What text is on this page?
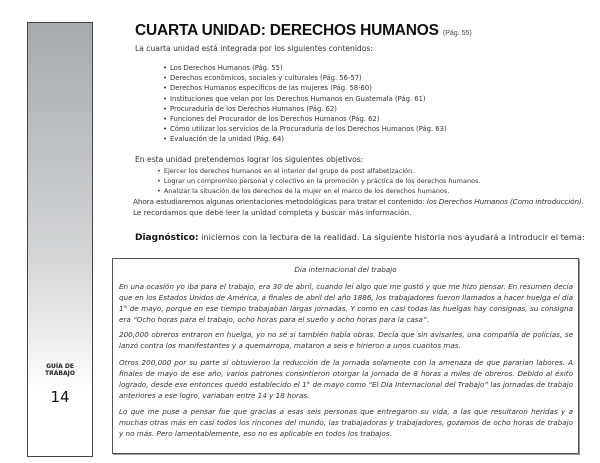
GUÍA DE
TRABAJO
14
CUARTA UNIDAD: DERECHOS HUMANOS (Pág. 55)
La cuarta unidad está integrada por los siguientes contenidos:
• Los Derechos Humanos (Pág. 55)
• Derechos económicos, sociales y culturales (Pág. 56-57)
• Derechos Humanos específicos de las mujeres (Pág. 58-60)
• Instituciones que velan por los Derechos Humanos en Guatemala (Pág. 61)
• Procuraduría de los Derechos Humanos (Pág. 62)
• Funciones del Procurador de los Derechos Humanos (Pág. 62)
• Cómo utilizar los servicios de la Procuraduría de los Derechos Humanos (Pág. 63)
• Evaluación de la unidad (Pág. 64)
En esta unidad pretendemos lograr los siguientes objetivos:
• Ejercer los derechos humanos en el interior del grupo de post alfabetización.
• Lograr un compromiso personal y colectivo en la promoción y práctica de los derechos humanos.
• Analizar la situación de los derechos de la mujer en el marco de los derechos humanos.
Ahora estudiaremos algunas orientaciones metodológicas para tratar el contenido: los Derechos Humanos (Como introducción).
Le recordamos que debe leer la unidad completa y buscar más información.
Diagnóstico: iniciemos con la lectura de la realidad. La siguiente historia nos ayudará a introducir el tema:
Día internacional del trabajo
En una ocasión yo iba para el trabajo, era 30 de abril, cuando leí algo que me gustó y que me hizo pensar. En resumen decía que en los Estados Unidos de América, a finales de abril del año 1886, los trabajadores fueron llamados a hacer huelga el día 1° de mayo, porque en ese tiempo trabajaban largas jornadas. Y como en casi todas las huelgas hay consignas, su consigna era “Ocho horas para el trabajo, ocho horas para el sueño y ocho horas para la casa”.
200,000 obreros entraron en huelga, yo no sé si también había obras. Decía que sin avisarles, una compañía de policías, se lanzó contra los manifestantes y a quemarropa, mataron a seis e hirieron a unos cuantos mas.
Otros 200,000 por su parte si obtuvieron la reducción de la jornada solamente con la amenaza de que pararían labores. A finales de mayo de ese año, varios patrones consintieron otorgar la jornada de 8 horas a miles de obreros. Debido al éxito logrado, desde ese entonces quedó establecido el 1° de mayo como “El Día Internacional del Trabajo” las jornadas de trabajo anteriores a ese logro, variaban entre 14 y 18 horas.
Lo que me puse a pensar fue que gracias a esas seis personas que entregaron su vida, a las que resultaron heridas y a muchas otras más en casi todos los rincones del mundo, las trabajadoras y trabajadores, gozamos de ocho horas de trabajo y no más. Pero lamentablemente, eso no es aplicable en todos los trabajos.
